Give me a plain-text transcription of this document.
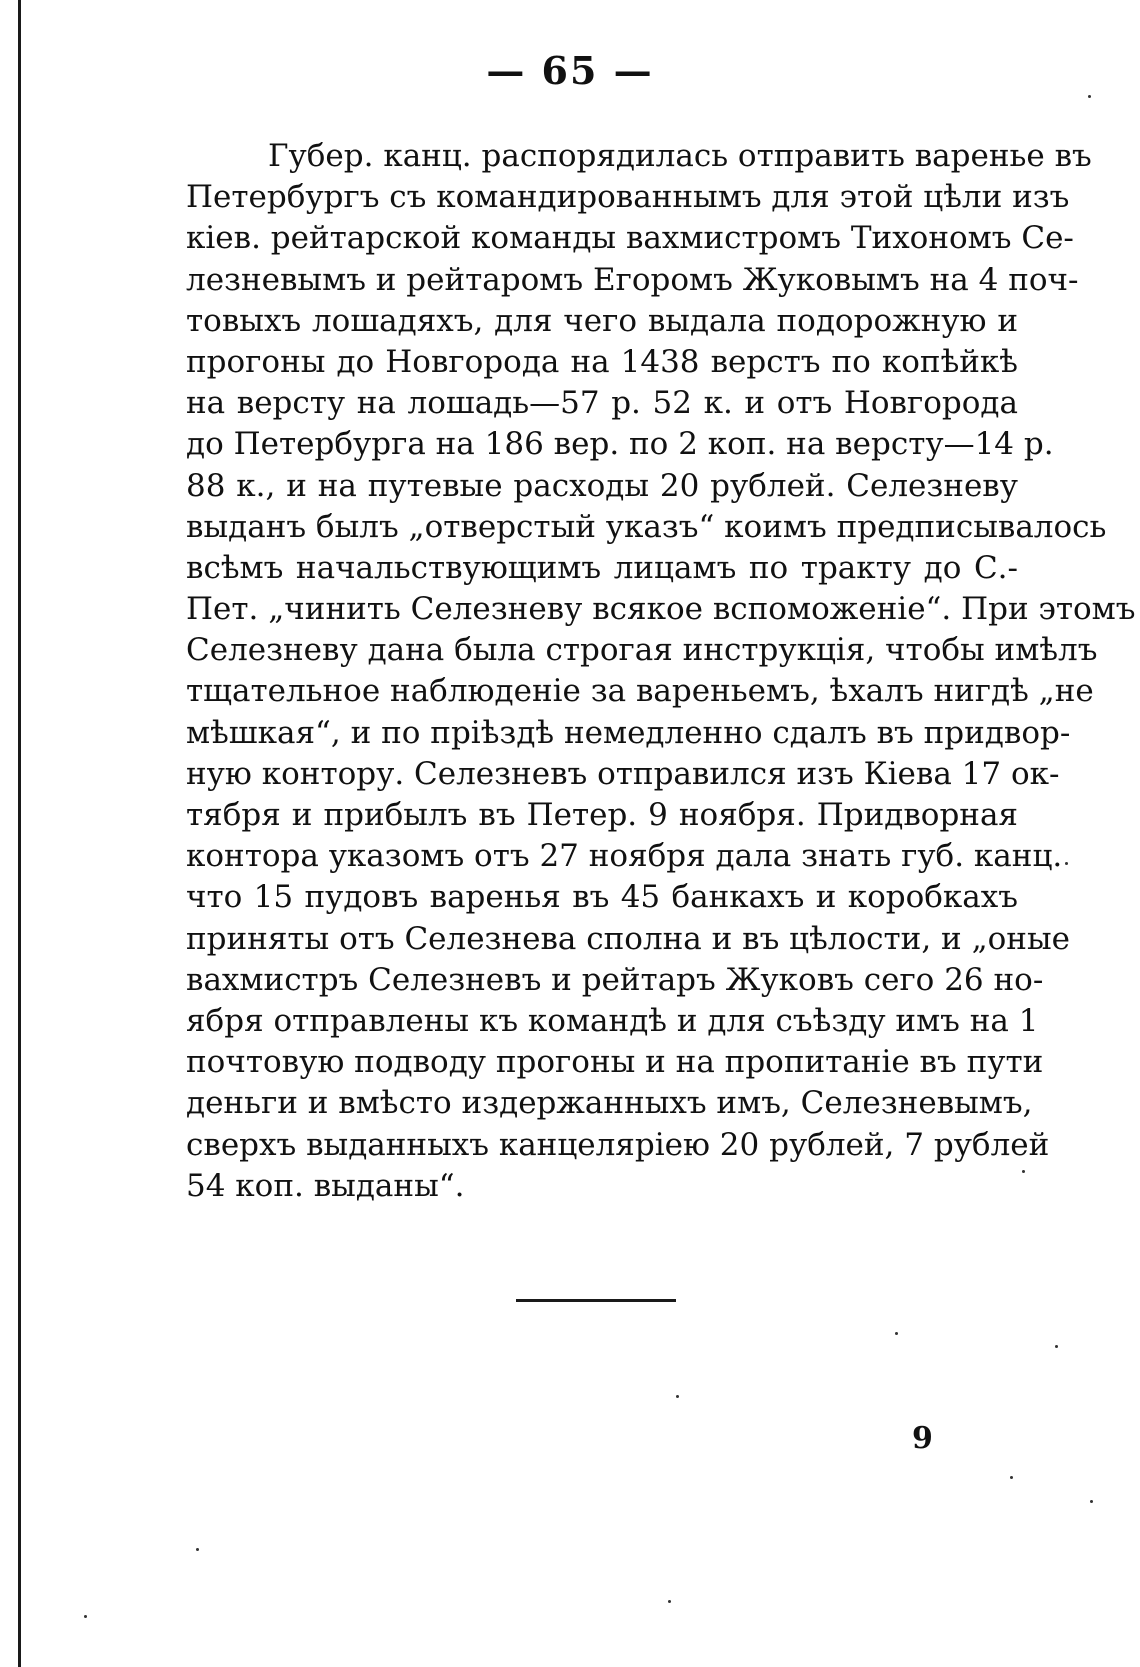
— 65 —
Губер. канц. распорядилась отправить варенье въ
Петербургъ съ командированнымъ для этой цѣли изъ
кіев. рейтарской команды вахмистромъ Тихономъ Се-
лезневымъ и рейтаромъ Егоромъ Жуковымъ на 4 поч-
товыхъ лошадяхъ, для чего выдала подорожную и
прогоны до Новгорода на 1438 верстъ по копѣйкѣ
на версту на лошадь—57 р. 52 к. и отъ Новгорода
до Петербурга на 186 вер. по 2 коп. на версту—14 р.
88 к., и на путевые расходы 20 рублей. Селезневу
выданъ былъ „отверстый указъ“ коимъ предписывалось
всѣмъ начальствующимъ лицамъ по тракту до С.-
Пет. „чинить Селезневу всякое вспоможеніе“. При этомъ
Селезневу дана была строгая инструкція, чтобы имѣлъ
тщательное наблюденіе за вареньемъ, ѣхалъ нигдѣ „не
мѣшкая“, и по пріѣздѣ немедленно сдалъ въ придвор-
ную контору. Селезневъ отправился изъ Кіева 17 ок-
тября и прибылъ въ Петер. 9 ноября. Придворная
контора указомъ отъ 27 ноября дала знать губ. канц.
что 15 пудовъ варенья въ 45 банкахъ и коробкахъ
приняты отъ Селезнева сполна и въ цѣлости, и „оные
вахмистръ Селезневъ и рейтаръ Жуковъ сего 26 но-
ября отправлены къ командѣ и для съѣзду имъ на 1
почтовую подводу прогоны и на пропитаніе въ пути
деньги и вмѣсто издержанныхъ имъ, Селезневымъ,
сверхъ выданныхъ канцеляріею 20 рублей, 7 рублей
54 коп. выданы“.
9
